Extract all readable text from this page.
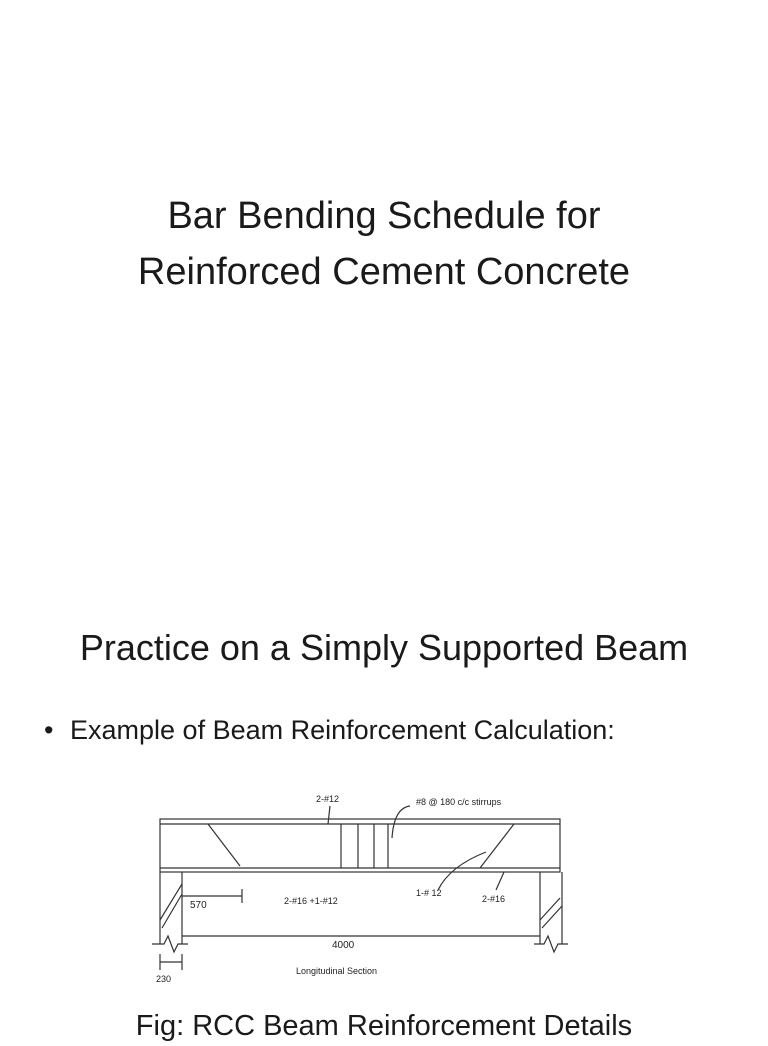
Bar Bending Schedule for
Reinforced Cement Concrete
Practice on a Simply Supported Beam
• Example of Beam Reinforcement Calculation:
2-#12	#8 @ 180 c/c stirrups
570	2-#16 +1-#12
1-# 12
2-#16
4000
230
Longitudinal Section
Fig: RCC Beam Reinforcement Details
